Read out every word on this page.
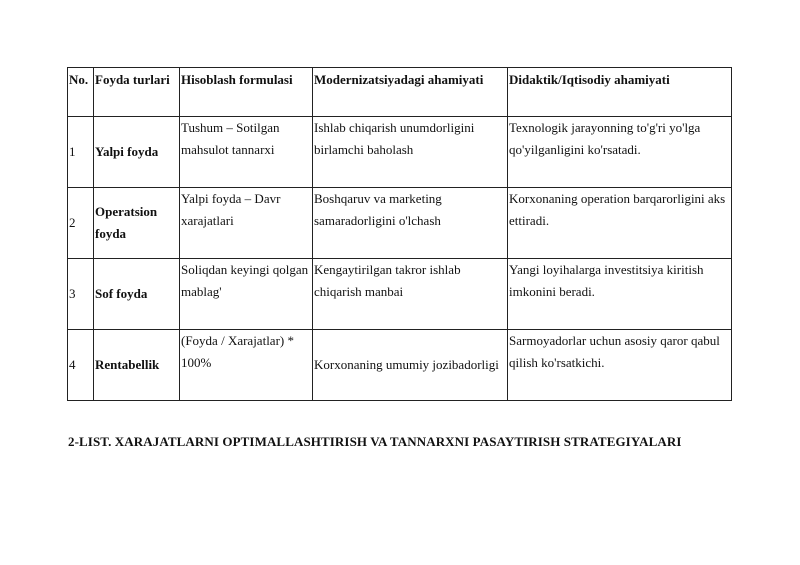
No.	Foyda turlari	Hisoblash formulasi	Modernizatsiyadagi ahamiyati	Didaktik/Iqtisodiy ahamiyati
1	Yalpi foyda	Tushum – Sotilgan mahsulot tannarxi	Ishlab chiqarish unumdorligini birlamchi baholash	Texnologik jarayonning to'g'ri yo'lga qo'yilganligini ko'rsatadi.
2	Operatsion foyda	Yalpi foyda – Davr xarajatlari	Boshqaruv va marketing samaradorligini o'lchash	Korxonaning operation barqarorligini aks ettiradi.
3	Sof foyda	Soliqdan keyingi qolgan mablag'	Kengaytirilgan takror ishlab chiqarish manbai	Yangi loyihalarga investitsiya kiritish imkonini beradi.
4	Rentabellik	(Foyda / Xarajatlar) * 100%	Korxonaning umumiy jozibadorligi	Sarmoyadorlar uchun asosiy qaror qabul qilish ko'rsatkichi.
2-LIST. XARAJATLARNI OPTIMALLASHTIRISH VA TANNARXNI PASAYTIRISH STRATEGIYALARI
